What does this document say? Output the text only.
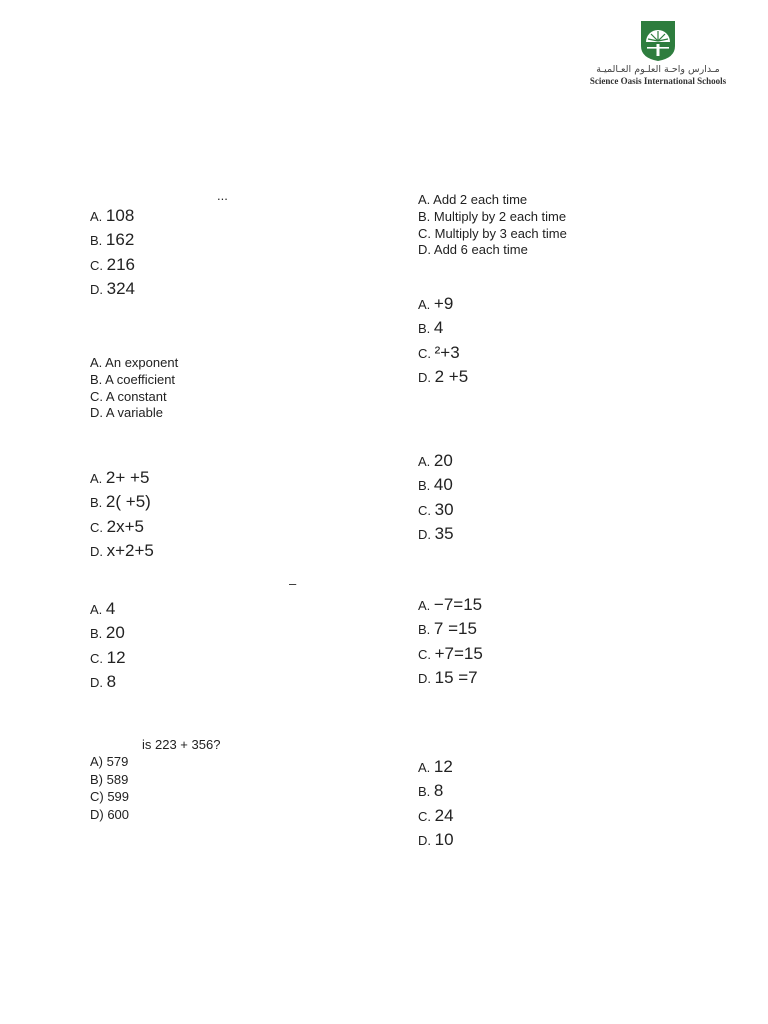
مـدارس واحـة العلـوم العـالميـة
Science Oasis International Schools
...
–
A. 108
B. 162
C. 216
D. 324
A. Add 2 each time
B. Multiply by 2 each time
C. Multiply by 3 each time
D. Add 6 each time
A. +9
B. 4
C. ²+3
D. 2 +5
A. An exponent
B. A coefficient
C. A constant
D. A variable
A. 2+ +5
B. 2( +5)
C. 2x+5
D. x+2+5
A. 20
B. 40
C. 30
D. 35
A. 4
B. 20
C. 12
D. 8
A. −7=15
B. 7 =15
C. +7=15
D. 15 =7
is 223 + 356?
A) 579
B) 589
C) 599
D) 600
A. 12
B. 8
C. 24
D. 10
